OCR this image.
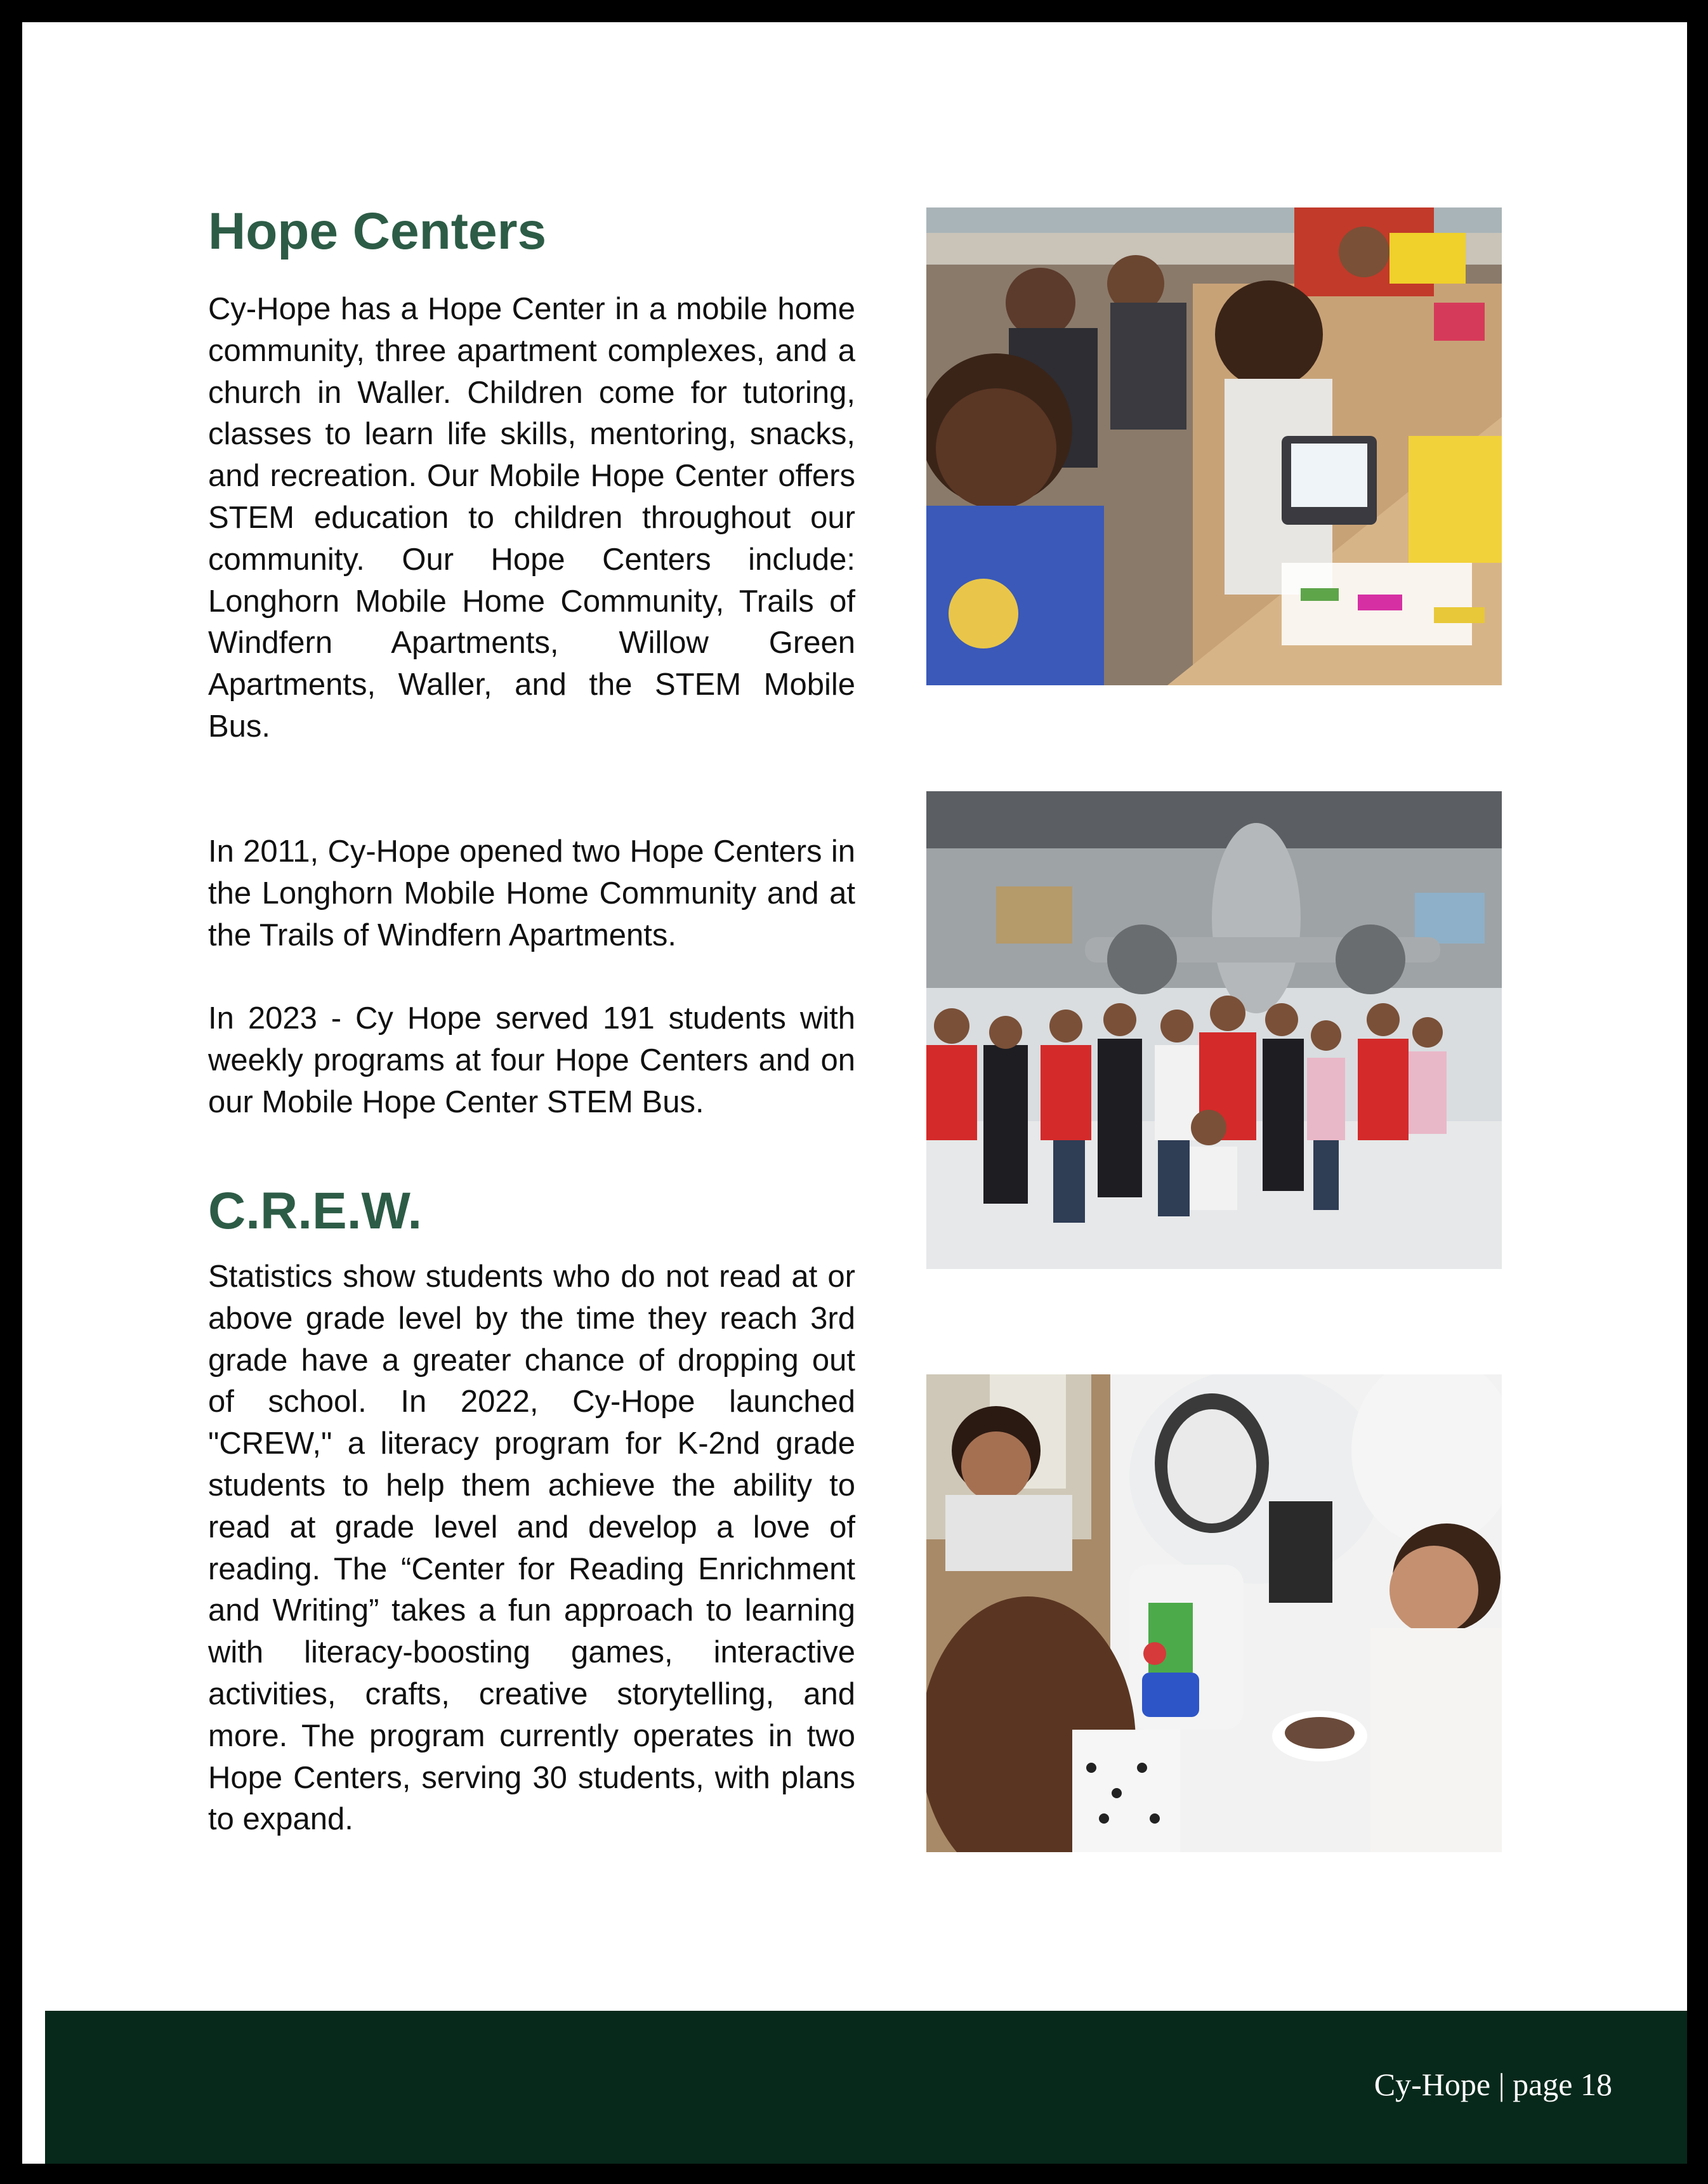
Hope Centers

Cy-Hope has a Hope Center in a mobile home community, three apartment complexes, and a church in Waller. Children come for tutoring, classes to learn life skills, mentoring, snacks, and recreation. Our Mobile Hope Center offers STEM education to children throughout our community. Our Hope Centers include: Longhorn Mobile Home Community, Trails of Windfern Apartments, Willow Green Apartments, Waller, and the STEM Mobile Bus.

In 2011, Cy-Hope opened two Hope Centers in the Longhorn Mobile Home Community and at the Trails of Windfern Apartments.

In 2023 - Cy Hope served 191 students with weekly programs at four Hope Centers and on our Mobile Hope Center STEM Bus.

C.R.E.W.

Statistics show students who do not read at or above grade level by the time they reach 3rd grade have a greater chance of dropping out of school. In 2022, Cy-Hope launched "CREW," a literacy program for K-2nd grade students to help them achieve the ability to read at grade level and develop a love of reading. The “Center for Reading Enrichment and Writing” takes a fun approach to learning with literacy-boosting games, interactive activities, crafts, creative storytelling, and more. The program currently operates in two Hope Centers, serving 30 students, with plans to expand.

Cy-Hope | page 18
